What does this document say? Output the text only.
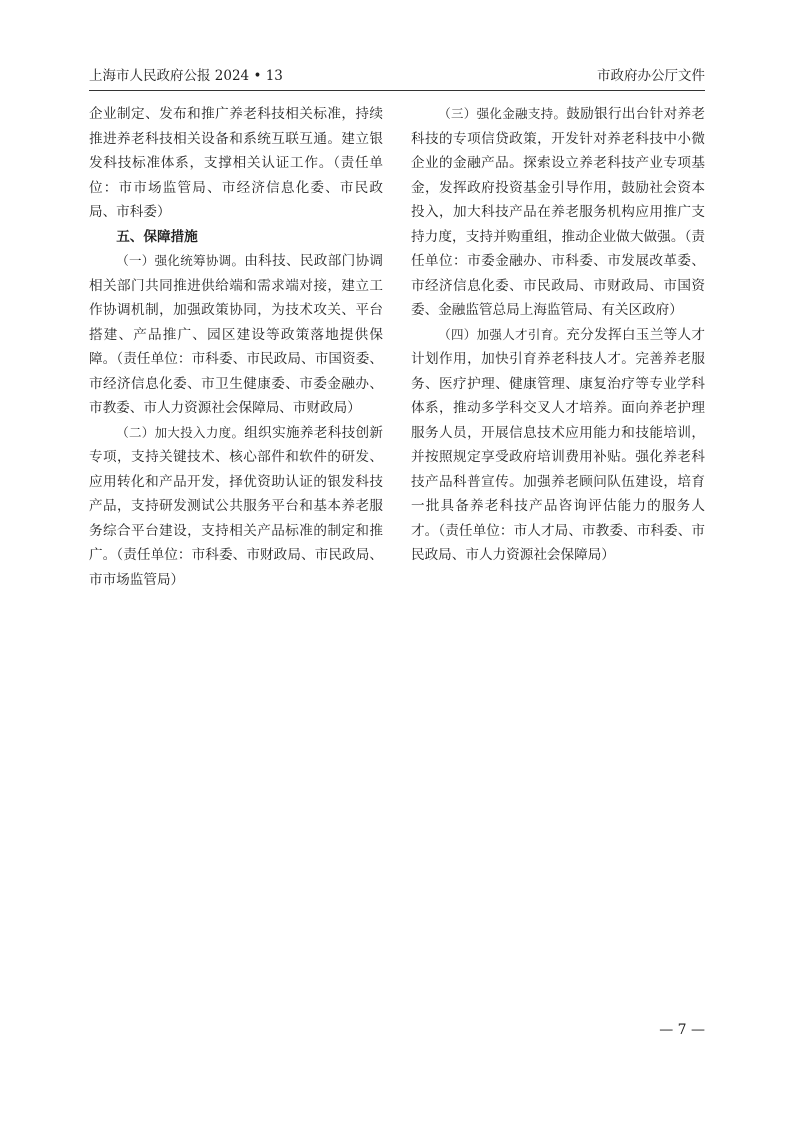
上海市人民政府公报 2024 • 13	市政府办公厅文件

企业制定、发布和推广养老科技相关标准，持续推进养老科技相关设备和系统互联互通。建立银发科技标准体系，支撑相关认证工作。（责任单位：市市场监管局、市经济信息化委、市民政局、市科委）

五、保障措施

（一）强化统筹协调。由科技、民政部门协调相关部门共同推进供给端和需求端对接，建立工作协调机制，加强政策协同，为技术攻关、平台搭建、产品推广、园区建设等政策落地提供保障。（责任单位：市科委、市民政局、市国资委、市经济信息化委、市卫生健康委、市委金融办、市教委、市人力资源社会保障局、市财政局）

（二）加大投入力度。组织实施养老科技创新专项，支持关键技术、核心部件和软件的研发、应用转化和产品开发，择优资助认证的银发科技产品，支持研发测试公共服务平台和基本养老服务综合平台建设，支持相关产品标准的制定和推广。（责任单位：市科委、市财政局、市民政局、市市场监管局）

（三）强化金融支持。鼓励银行出台针对养老科技的专项信贷政策，开发针对养老科技中小微企业的金融产品。探索设立养老科技产业专项基金，发挥政府投资基金引导作用，鼓励社会资本投入，加大科技产品在养老服务机构应用推广支持力度，支持并购重组，推动企业做大做强。（责任单位：市委金融办、市科委、市发展改革委、市经济信息化委、市民政局、市财政局、市国资委、金融监管总局上海监管局、有关区政府）

（四）加强人才引育。充分发挥白玉兰等人才计划作用，加快引育养老科技人才。完善养老服务、医疗护理、健康管理、康复治疗等专业学科体系，推动多学科交叉人才培养。面向养老护理服务人员，开展信息技术应用能力和技能培训，并按照规定享受政府培训费用补贴。强化养老科技产品科普宣传。加强养老顾问队伍建设，培育一批具备养老科技产品咨询评估能力的服务人才。（责任单位：市人才局、市教委、市科委、市民政局、市人力资源社会保障局）

— 7 —
